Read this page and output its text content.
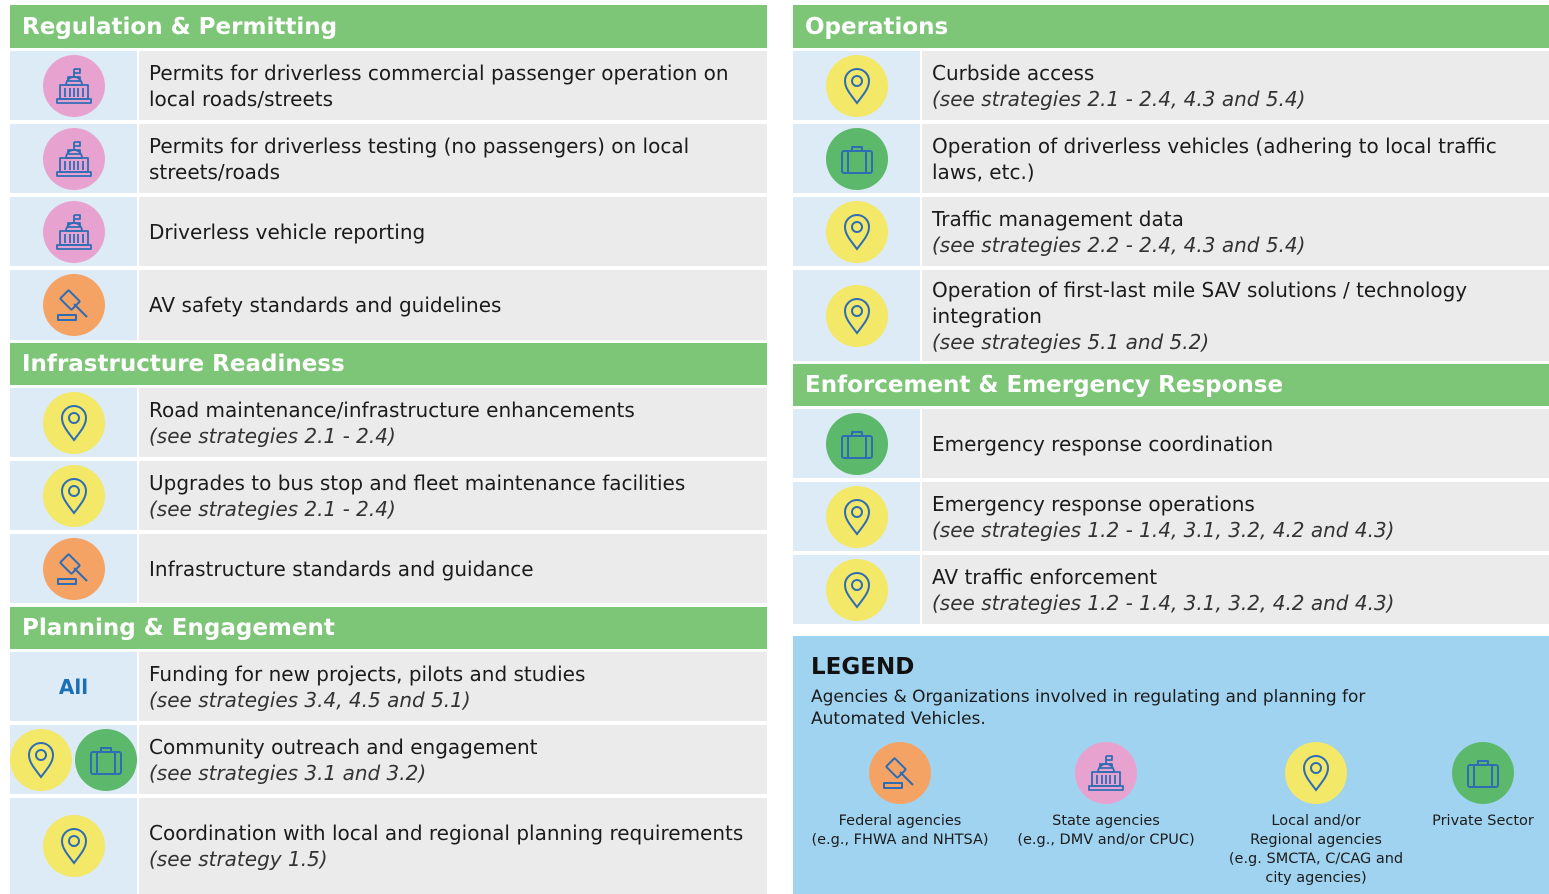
Regulation & Permitting
Permits for driverless commercial passenger operation on local roads/streets
Permits for driverless testing (no passengers) on local streets/roads
Driverless vehicle reporting
AV safety standards and guidelines
Infrastructure Readiness
Road maintenance/infrastructure enhancements
(see strategies 2.1 - 2.4)
Upgrades to bus stop and fleet maintenance facilities
(see strategies 2.1 - 2.4)
Infrastructure standards and guidance
Planning & Engagement
All
Funding for new projects, pilots and studies
(see strategies 3.4, 4.5 and 5.1)
Community outreach and engagement
(see strategies 3.1 and 3.2)
Coordination with local and regional planning requirements
(see strategy 1.5)
Operations
Curbside access
(see strategies 2.1 - 2.4, 4.3 and 5.4)
Operation of driverless vehicles (adhering to local traffic laws, etc.)
Traffic management data
(see strategies 2.2 - 2.4, 4.3 and 5.4)
Operation of first-last mile SAV solutions / technology integration
(see strategies 5.1 and 5.2)
Enforcement & Emergency Response
Emergency response coordination
Emergency response operations
(see strategies 1.2 - 1.4, 3.1, 3.2, 4.2 and 4.3)
AV traffic enforcement
(see strategies 1.2 - 1.4, 3.1, 3.2, 4.2 and 4.3)
LEGEND
Agencies & Organizations involved in regulating and planning for Automated Vehicles.
Federal agencies
(e.g., FHWA and NHTSA)
State agencies
(e.g., DMV and/or CPUC)
Local and/or
Regional agencies
(e.g. SMCTA, C/CAG and
city agencies)
Private Sector
